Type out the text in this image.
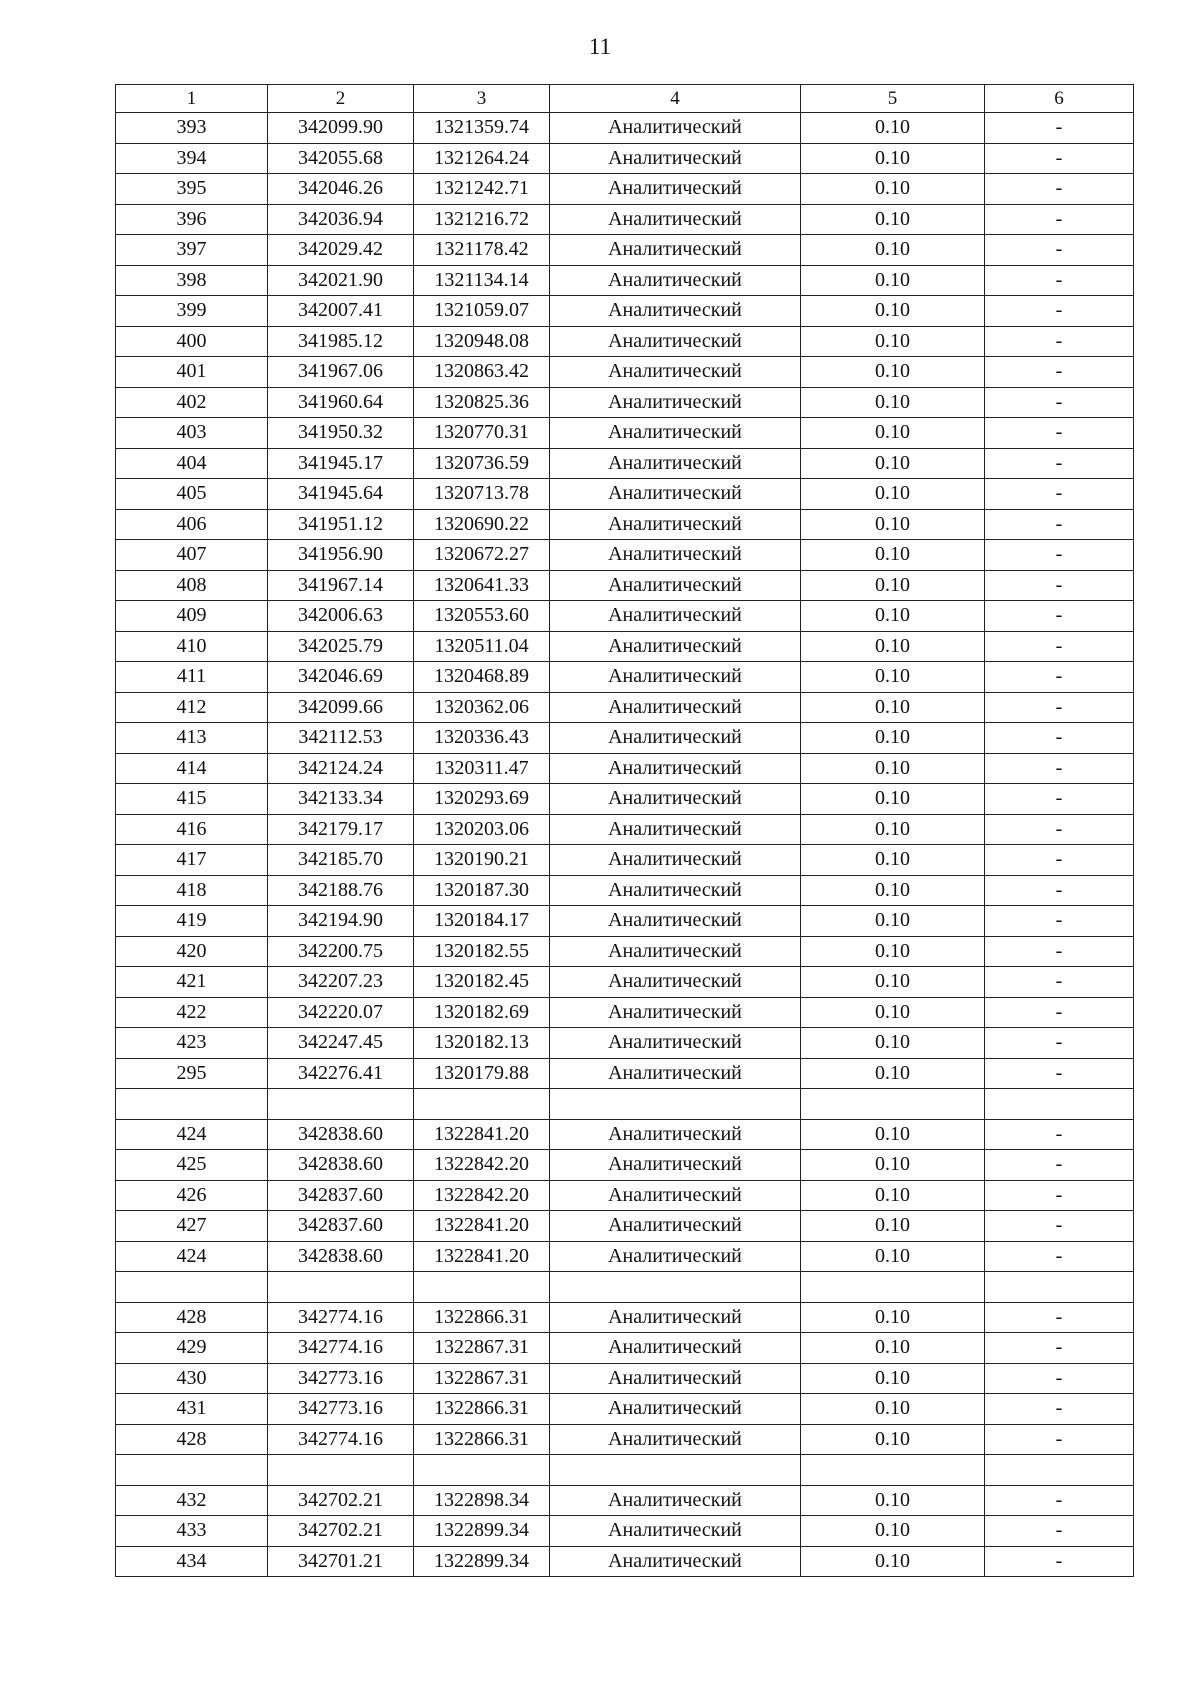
11
1	2	3	4	5	6
393	342099.90	1321359.74	Аналитический	0.10	-
394	342055.68	1321264.24	Аналитический	0.10	-
395	342046.26	1321242.71	Аналитический	0.10	-
396	342036.94	1321216.72	Аналитический	0.10	-
397	342029.42	1321178.42	Аналитический	0.10	-
398	342021.90	1321134.14	Аналитический	0.10	-
399	342007.41	1321059.07	Аналитический	0.10	-
400	341985.12	1320948.08	Аналитический	0.10	-
401	341967.06	1320863.42	Аналитический	0.10	-
402	341960.64	1320825.36	Аналитический	0.10	-
403	341950.32	1320770.31	Аналитический	0.10	-
404	341945.17	1320736.59	Аналитический	0.10	-
405	341945.64	1320713.78	Аналитический	0.10	-
406	341951.12	1320690.22	Аналитический	0.10	-
407	341956.90	1320672.27	Аналитический	0.10	-
408	341967.14	1320641.33	Аналитический	0.10	-
409	342006.63	1320553.60	Аналитический	0.10	-
410	342025.79	1320511.04	Аналитический	0.10	-
411	342046.69	1320468.89	Аналитический	0.10	-
412	342099.66	1320362.06	Аналитический	0.10	-
413	342112.53	1320336.43	Аналитический	0.10	-
414	342124.24	1320311.47	Аналитический	0.10	-
415	342133.34	1320293.69	Аналитический	0.10	-
416	342179.17	1320203.06	Аналитический	0.10	-
417	342185.70	1320190.21	Аналитический	0.10	-
418	342188.76	1320187.30	Аналитический	0.10	-
419	342194.90	1320184.17	Аналитический	0.10	-
420	342200.75	1320182.55	Аналитический	0.10	-
421	342207.23	1320182.45	Аналитический	0.10	-
422	342220.07	1320182.69	Аналитический	0.10	-
423	342247.45	1320182.13	Аналитический	0.10	-
295	342276.41	1320179.88	Аналитический	0.10	-

424	342838.60	1322841.20	Аналитический	0.10	-
425	342838.60	1322842.20	Аналитический	0.10	-
426	342837.60	1322842.20	Аналитический	0.10	-
427	342837.60	1322841.20	Аналитический	0.10	-
424	342838.60	1322841.20	Аналитический	0.10	-

428	342774.16	1322866.31	Аналитический	0.10	-
429	342774.16	1322867.31	Аналитический	0.10	-
430	342773.16	1322867.31	Аналитический	0.10	-
431	342773.16	1322866.31	Аналитический	0.10	-
428	342774.16	1322866.31	Аналитический	0.10	-

432	342702.21	1322898.34	Аналитический	0.10	-
433	342702.21	1322899.34	Аналитический	0.10	-
434	342701.21	1322899.34	Аналитический	0.10	-
